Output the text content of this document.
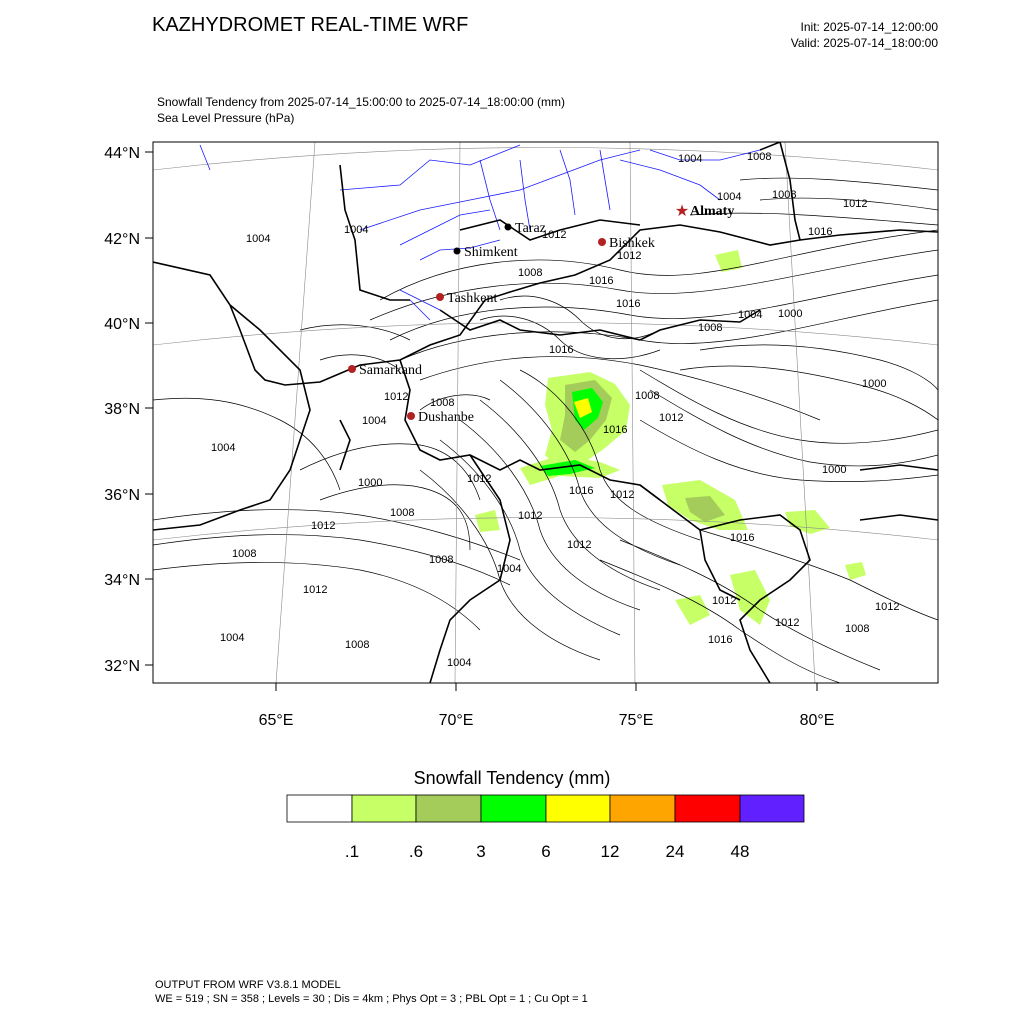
KAZHYDROMET REAL-TIME WRF	Init: 2025-07-14_12:00:00
Valid: 2025-07-14_18:00:00
Snowfall Tendency from 2025-07-14_15:00:00 to 2025-07-14_18:00:00 (mm)
Sea Level Pressure (hPa)
44°N
42°N
40°N
38°N
36°N
34°N
32°N
65°E	70°E	75°E	80°E
1004	1008
1004	1008
1004
1012
1016
1004
1012
1016
1008
1012
1016
1016
1008
1004 1000
1000
1008
1016
1012
1008
1012
1004
1004
1000	1012
1012
1016
1016
1012
1012
1012
1008
1008	1008
1004
1012
1004
1008
1012
1016
1012	1008
1004
1000
1012
★ Almaty
Bishkek
Taraz
Shimkent
Tashkent
Samarkand
Dushanbe
Snowfall Tendency (mm)
.1	.6	3	6	12	24	48
OUTPUT FROM WRF V3.8.1 MODEL
WE = 519 ; SN = 358 ; Levels = 30 ; Dis = 4km ; Phys Opt = 3 ; PBL Opt = 1 ; Cu Opt = 1
